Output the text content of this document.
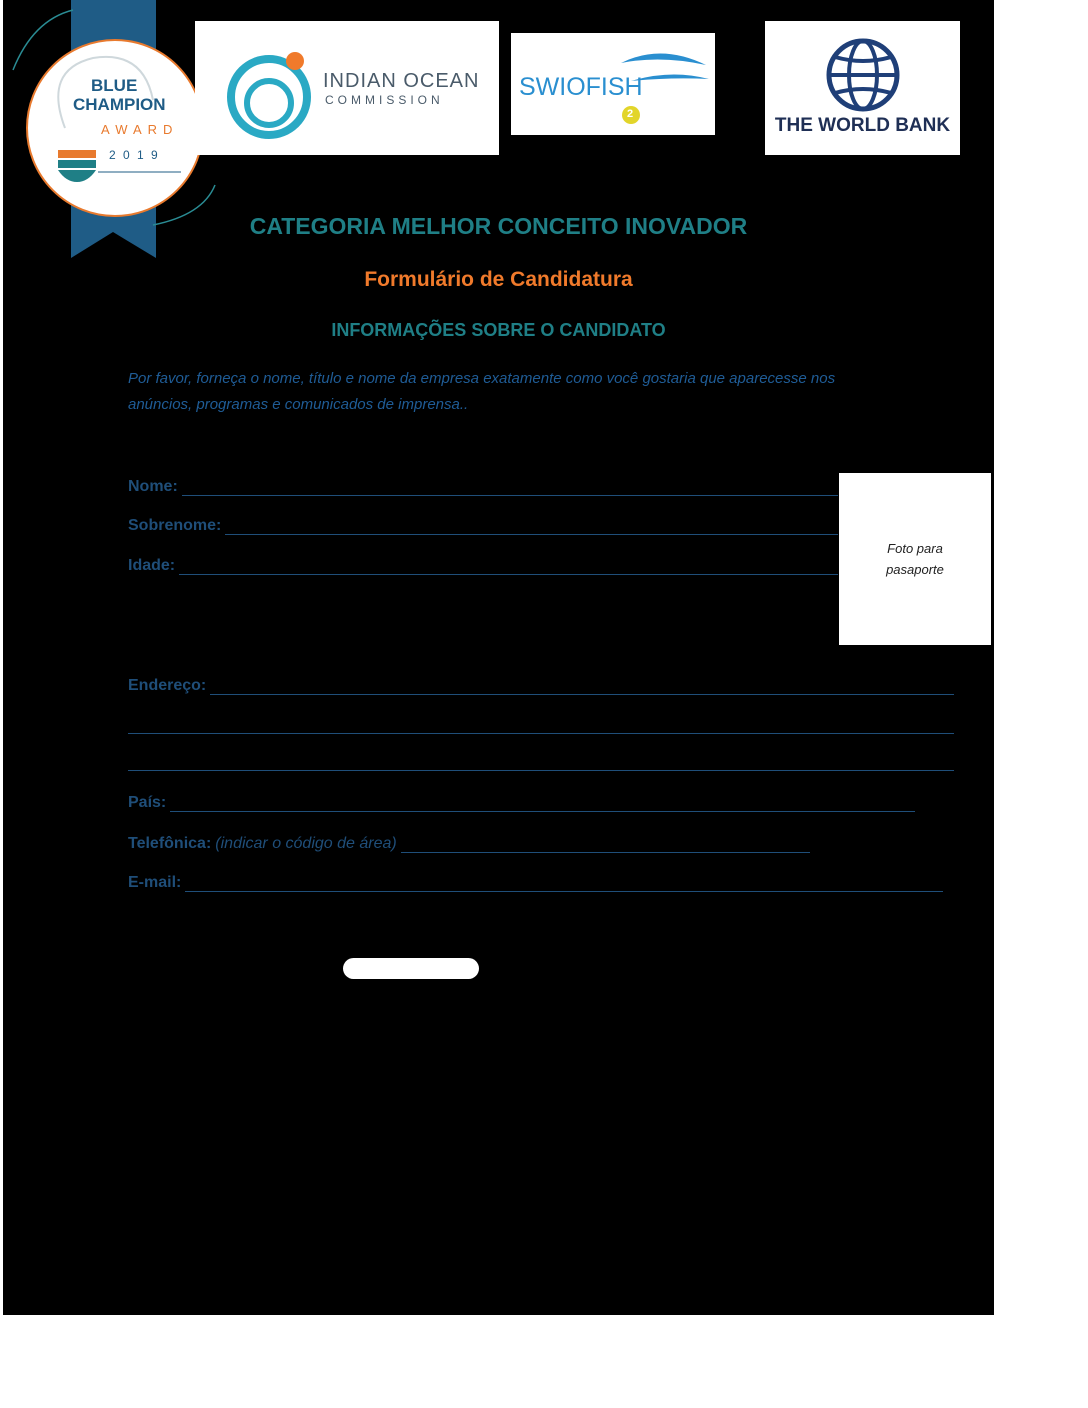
BLUE
CHAMPION
AWARD
2 0 1 9
INDIAN OCEAN
COMMISSION	SWIOFISH
2
THE WORLD BANK
CATEGORIA MELHOR CONCEITO INOVADOR
Formulário de Candidatura
INFORMAÇÕES SOBRE O CANDIDATO
Por favor, forneça o nome, título e nome da empresa exatamente como você gostaria que aparecesse nos
anúncios, programas e comunicados de imprensa..
Nome:
Sobrenome:
Idade:
Foto para
pasaporte
Endereço:
País:
Telefônica: (indicar o código de área)
E-mail:
